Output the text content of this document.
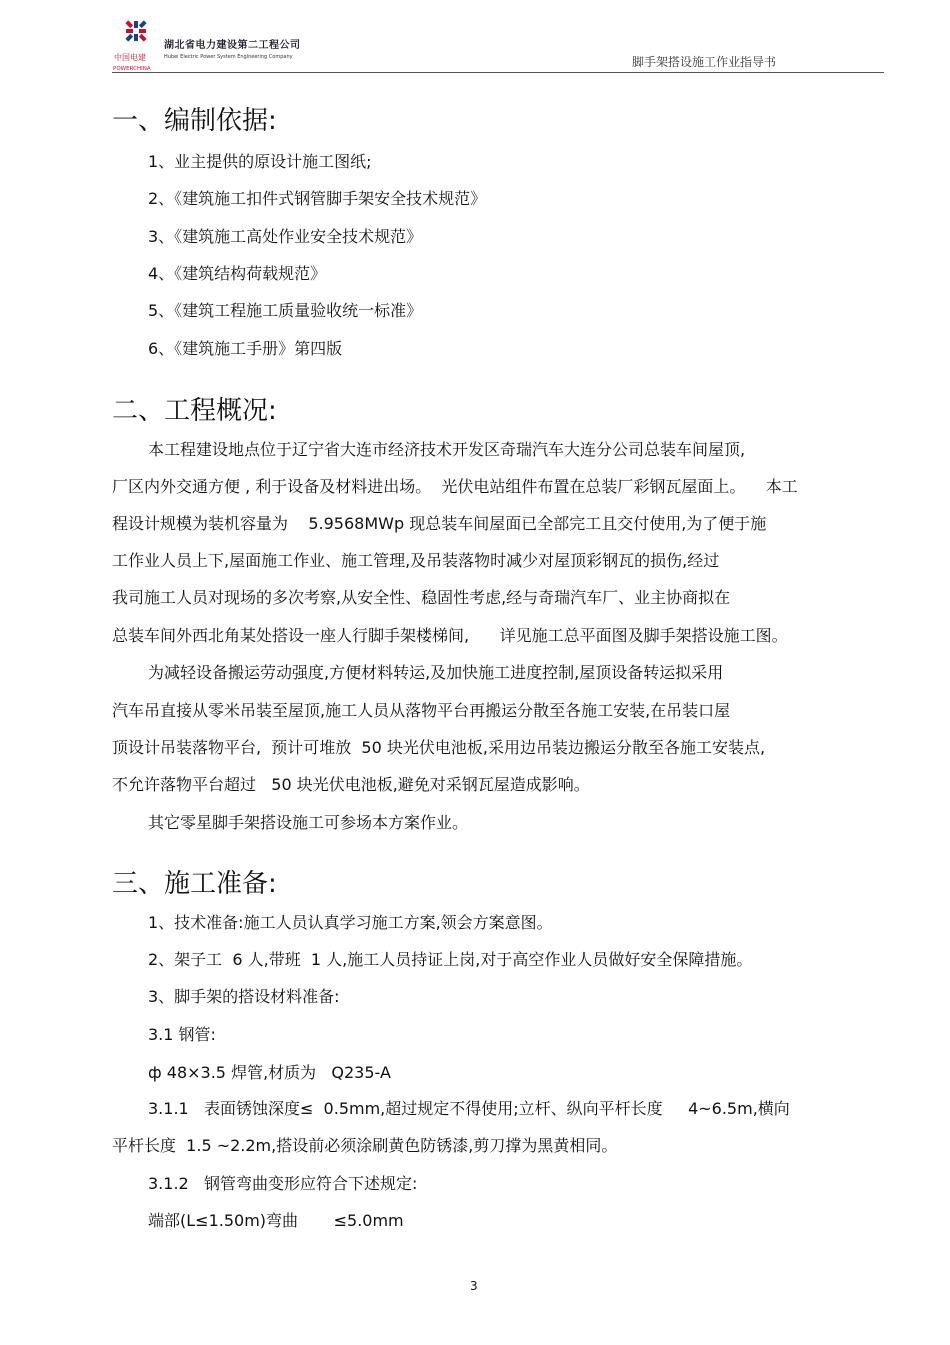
中国电建
POWERCHINA
湖北省电力建设第二工程公司
Hubei Electric Power System Engineering Company	脚手架搭设施工作业指导书
一、编制依据:
1、业主提供的原设计施工图纸;
2、《建筑施工扣件式钢管脚手架安全技术规范》
3、《建筑施工高处作业安全技术规范》
4、《建筑结构荷载规范》
5、《建筑工程施工质量验收统一标准》
6、《建筑施工手册》第四版
二、工程概况:
本工程建设地点位于辽宁省大连市经济技术开发区奇瑞汽车大连分公司总装车间屋顶,
厂区内外交通方便 , 利于设备及材料进出场。  光伏电站组件布置在总装厂彩钢瓦屋面上。    本工
程设计规模为装机容量为    5.9568MWp 现总装车间屋面已全部完工且交付使用,为了便于施
工作业人员上下,屋面施工作业、施工管理,及吊装落物时减少对屋顶彩钢瓦的损伤,经过
我司施工人员对现场的多次考察,从安全性、稳固性考虑,经与奇瑞汽车厂、业主协商拟在
总装车间外西北角某处搭设一座人行脚手架楼梯间,      详见施工总平面图及脚手架搭设施工图。
为减轻设备搬运劳动强度,方便材料转运,及加快施工进度控制,屋顶设备转运拟采用
汽车吊直接从零米吊装至屋顶,施工人员从落物平台再搬运分散至各施工安装,在吊装口屋
顶设计吊装落物平台,  预计可堆放  50 块光伏电池板,采用边吊装边搬运分散至各施工安装点,
不允许落物平台超过   50 块光伏电池板,避免对采钢瓦屋造成影响。
其它零星脚手架搭设施工可参场本方案作业。
三、施工准备:
1、技术准备:施工人员认真学习施工方案,领会方案意图。
2、架子工  6 人,带班  1 人,施工人员持证上岗,对于高空作业人员做好安全保障措施。
3、脚手架的搭设材料准备:
3.1 钢管:
ф 48×3.5 焊管,材质为   Q235-A
3.1.1   表面锈蚀深度≤  0.5mm,超过规定不得使用;立杆、纵向平杆长度     4~6.5m,横向
平杆长度  1.5 ~2.2m,搭设前必须涂刷黄色防锈漆,剪刀撑为黑黄相同。
3.1.2   钢管弯曲变形应符合下述规定:
端部(L≤1.50m)弯曲       ≤5.0mm
3
